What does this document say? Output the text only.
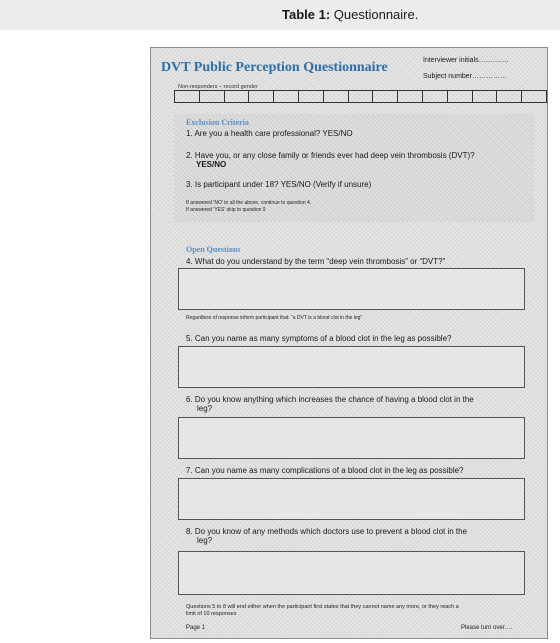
Table 1: Questionnaire.
DVT Public Perception Questionnaire	Interviewer initials………….
Subject number……………
Non-responders – record gender
Exclusion Criteria
1. Are you a health care professional? YES/NO
2. Have you, or any close family or friends ever had deep vein thrombosis (DVT)?
YES/NO
3. Is participant under 18? YES/NO (Verify if unsure)
If answered ‘NO’ to all the above, continue to question 4.
If answered ‘YES’ skip to question 9
Open Questions
4. What do you understand by the term “deep vein thrombosis” or “DVT?”
Regardless of response inform participant that: “a DVT is a blood clot in the leg”
5. Can you name as many symptoms of a blood clot in the leg as possible?
6. Do you know anything which increases the chance of having a blood clot in the
leg?
7. Can you name as many complications of a blood clot in the leg as possible?
8. Do you know of any methods which doctors use to prevent a blood clot in the
leg?
Questions 5 to 8 will end either when the participant first states that they cannot name any more, or they reach a
limit of 10 responses
Page 1	Please turn over….
